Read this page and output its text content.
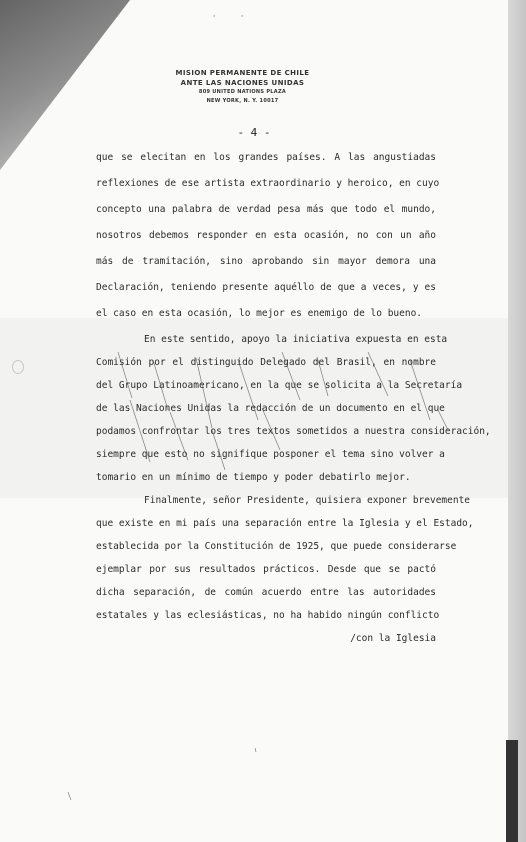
'	'
MISION PERMANENTE DE CHILE
ANTE LAS NACIONES UNIDAS
809 UNITED NATIONS PLAZA
NEW YORK, N. Y. 10017
- 4 -
que se elecitan en los grandes países. A las angustiadas
reflexiones de ese artista extraordinario y heroico, en cuyo
concepto una palabra de verdad pesa más que todo el mundo,
nosotros debemos responder en esta ocasión, no con un año
más de tramitación, sino aprobando sin mayor demora una
Declaración, teniendo presente aquéllo de que a veces, y es
el caso en esta ocasión, lo mejor es enemigo de lo bueno.
En este sentido, apoyo la iniciativa expuesta en esta
Comisión por el distinguido Delegado del Brasil, en nombre
del Grupo Latinoamericano, en la que se solicita a la Secretaría
de las Naciones Unidas la redacción de un documento en el que
podamos confrontar los tres textos sometidos a nuestra consideración,
siempre que esto no signifique posponer el tema sino volver a
tomario en un mínimo de tiempo y poder debatirlo mejor.
Finalmente, señor Presidente, quisiera exponer brevemente
que existe en mi país una separación entre la Iglesia y el Estado,
establecida por la Constitución de 1925, que puede considerarse
ejemplar por sus resultados prácticos. Desde que se pactó
dicha separación, de común acuerdo entre las autoridades
estatales y las eclesiásticas, no ha habido ningún conflicto
/con la Iglesia
